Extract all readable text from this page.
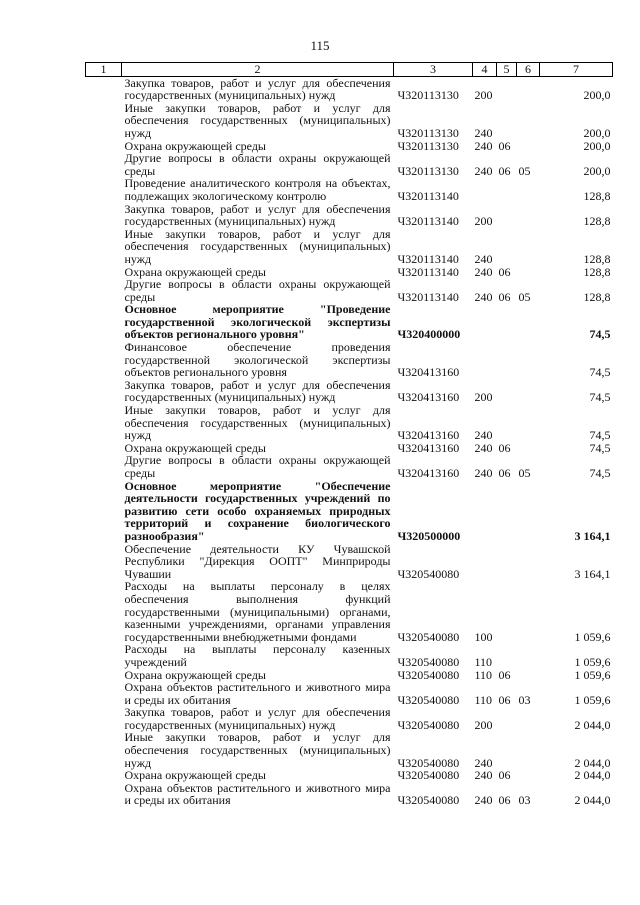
115
1	2	3	4	5	6	7
	Закупка товаров, работ и услуг для обеспечения государственных (муниципальных) нужд	Ч320113130	200			200,0
	Иные закупки товаров, работ и услуг для обеспечения государственных (муниципальных) нужд	Ч320113130	240			200,0
	Охрана окружающей среды	Ч320113130	240	06		200,0
	Другие вопросы в области охраны окружающей среды	Ч320113130	240	06	05	200,0
	Проведение аналитического контроля на объектах, подлежащих экологическому контролю	Ч320113140				128,8
	Закупка товаров, работ и услуг для обеспечения государственных (муниципальных) нужд	Ч320113140	200			128,8
	Иные закупки товаров, работ и услуг для обеспечения государственных (муниципальных) нужд	Ч320113140	240			128,8
	Охрана окружающей среды	Ч320113140	240	06		128,8
	Другие вопросы в области охраны окружающей среды	Ч320113140	240	06	05	128,8
	Основное мероприятие "Проведение государственной экологической экспертизы объектов регионального уровня"	Ч320400000				74,5
	Финансовое обеспечение проведения государственной экологической экспертизы объектов регионального уровня	Ч320413160				74,5
	Закупка товаров, работ и услуг для обеспечения государственных (муниципальных) нужд	Ч320413160	200			74,5
	Иные закупки товаров, работ и услуг для обеспечения государственных (муниципальных) нужд	Ч320413160	240			74,5
	Охрана окружающей среды	Ч320413160	240	06		74,5
	Другие вопросы в области охраны окружающей среды	Ч320413160	240	06	05	74,5
	Основное мероприятие "Обеспечение деятельности государственных учреждений по развитию сети особо охраняемых природных территорий и сохранение биологического разнообразия"	Ч320500000				3 164,1
	Обеспечение деятельности КУ Чувашской Республики "Дирекция ООПТ" Минприроды Чувашии	Ч320540080				3 164,1
	Расходы на выплаты персоналу в целях обеспечения выполнения функций государственными (муниципальными) органами, казенными учреждениями, органами управления государственными внебюджетными фондами	Ч320540080	100			1 059,6
	Расходы на выплаты персоналу казенных учреждений	Ч320540080	110			1 059,6
	Охрана окружающей среды	Ч320540080	110	06		1 059,6
	Охрана объектов растительного и животного мира и среды их обитания	Ч320540080	110	06	03	1 059,6
	Закупка товаров, работ и услуг для обеспечения государственных (муниципальных) нужд	Ч320540080	200			2 044,0
	Иные закупки товаров, работ и услуг для обеспечения государственных (муниципальных) нужд	Ч320540080	240			2 044,0
	Охрана окружающей среды	Ч320540080	240	06		2 044,0
	Охрана объектов растительного и животного мира и среды их обитания	Ч320540080	240	06	03	2 044,0
